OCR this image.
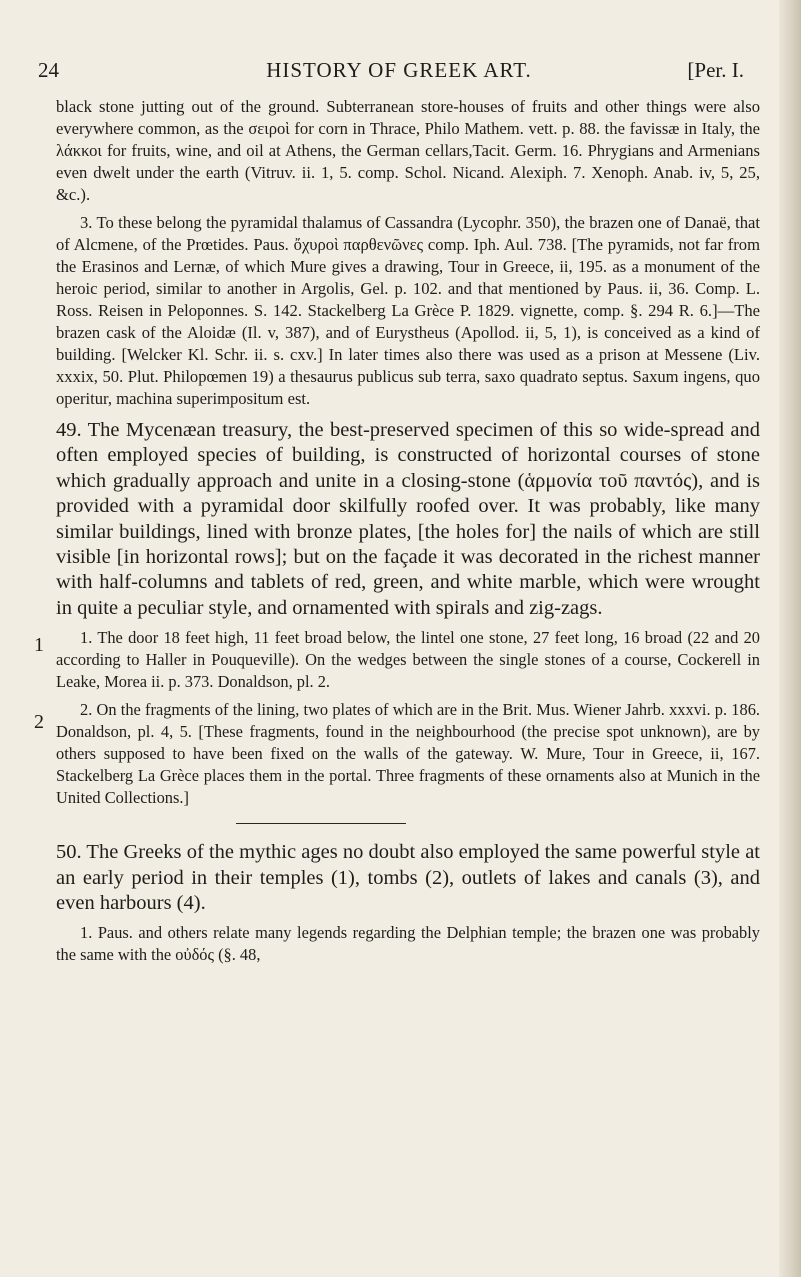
24	HISTORY OF GREEK ART.	[Per. I.
1
2

black stone jutting out of the ground. Subterranean store-houses of fruits and other things were also everywhere common, as the σειροὶ for corn in Thrace, Philo Mathem. vett. p. 88. the favissæ in Italy, the λάκκοι for fruits, wine, and oil at Athens, the German cellars,Tacit. Germ. 16. Phrygians and Armenians even dwelt under the earth (Vitruv. ii. 1, 5. comp. Schol. Nicand. Alexiph. 7. Xenoph. Anab. iv, 5, 25, &c.).

3. To these belong the pyramidal thalamus of Cassandra (Lycophr. 350), the brazen one of Danaë, that of Alcmene, of the Prœtides. Paus. ὄχυροὶ παρθενῶνες comp. Iph. Aul. 738. [The pyramids, not far from the Erasinos and Lernæ, of which Mure gives a drawing, Tour in Greece, ii, 195. as a monument of the heroic period, similar to another in Argolis, Gel. p. 102. and that mentioned by Paus. ii, 36. Comp. L. Ross. Reisen in Peloponnes. S. 142. Stackelberg La Grèce P. 1829. vignette, comp. §. 294 R. 6.]—The brazen cask of the Aloidæ (Il. v, 387), and of Eurystheus (Apollod. ii, 5, 1), is conceived as a kind of building. [Welcker Kl. Schr. ii. s. cxv.] In later times also there was used as a prison at Messene (Liv. xxxix, 50. Plut. Philopœmen 19) a thesaurus publicus sub terra, saxo quadrato septus. Saxum ingens, quo operitur, machina superimpositum est.

49. The Mycenæan treasury, the best-preserved specimen of this so wide-spread and often employed species of building, is constructed of horizontal courses of stone which gradually approach and unite in a closing-stone (ἁρμονία τοῦ παντός), and is provided with a pyramidal door skilfully roofed over. It was probably, like many similar buildings, lined with bronze plates, [the holes for] the nails of which are still visible [in horizontal rows]; but on the façade it was decorated in the richest manner with half-columns and tablets of red, green, and white marble, which were wrought in quite a peculiar style, and ornamented with spirals and zig-zags.

1. The door 18 feet high, 11 feet broad below, the lintel one stone, 27 feet long, 16 broad (22 and 20 according to Haller in Pouqueville). On the wedges between the single stones of a course, Cockerell in Leake, Morea ii. p. 373. Donaldson, pl. 2.

2. On the fragments of the lining, two plates of which are in the Brit. Mus. Wiener Jahrb. xxxvi. p. 186. Donaldson, pl. 4, 5. [These fragments, found in the neighbourhood (the precise spot unknown), are by others supposed to have been fixed on the walls of the gateway. W. Mure, Tour in Greece, ii, 167. Stackelberg La Grèce places them in the portal. Three fragments of these ornaments also at Munich in the United Collections.]

50. The Greeks of the mythic ages no doubt also employed the same powerful style at an early period in their temples (1), tombs (2), outlets of lakes and canals (3), and even harbours (4).

1. Paus. and others relate many legends regarding the Delphian temple; the brazen one was probably the same with the οὐδός (§. 48,
